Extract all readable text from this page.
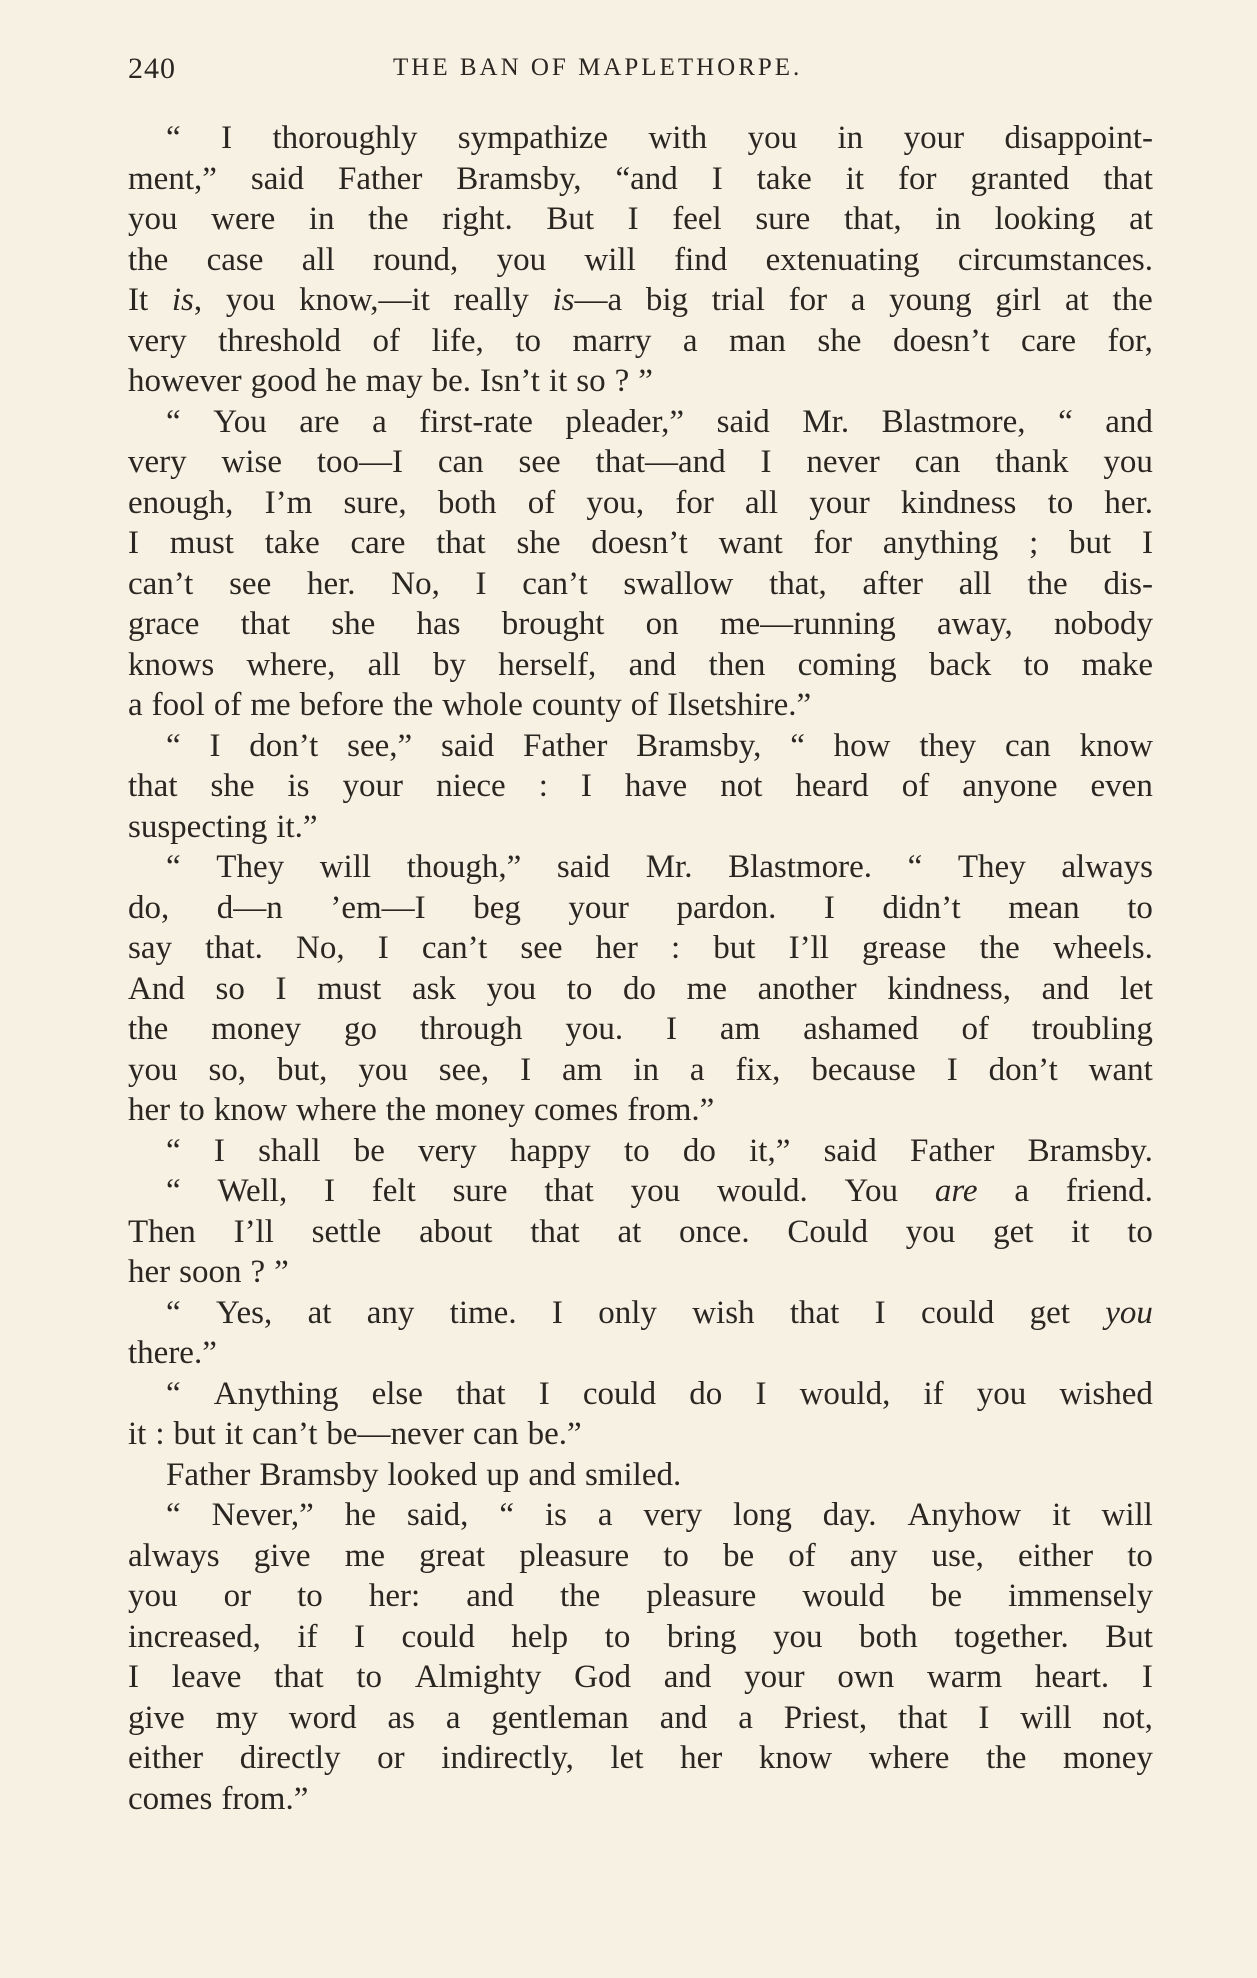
240	THE BAN OF MAPLETHORPE.
“ I thoroughly sympathize with you in your disappoint-
ment,” said Father Bramsby, “and I take it for granted that
you were in the right. But I feel sure that, in looking at
the case all round, you will find extenuating circumstances.
It is, you know,—it really is—a big trial for a young girl at the
very threshold of life, to marry a man she doesn’t care for,
however good he may be. Isn’t it so ? ”
“ You are a first-rate pleader,” said Mr. Blastmore, “ and
very wise too—I can see that—and I never can thank you
enough, I’m sure, both of you, for all your kindness to her.
I must take care that she doesn’t want for anything ; but I
can’t see her. No, I can’t swallow that, after all the dis-
grace that she has brought on me—running away, nobody
knows where, all by herself, and then coming back to make
a fool of me before the whole county of Ilsetshire.”
“ I don’t see,” said Father Bramsby, “ how they can know
that she is your niece : I have not heard of anyone even
suspecting it.”
“ They will though,” said Mr. Blastmore. “ They always
do, d—n ’em—I beg your pardon. I didn’t mean to
say that. No, I can’t see her : but I’ll grease the wheels.
And so I must ask you to do me another kindness, and let
the money go through you. I am ashamed of troubling
you so, but, you see, I am in a fix, because I don’t want
her to know where the money comes from.”
“ I shall be very happy to do it,” said Father Bramsby.
“ Well, I felt sure that you would. You are a friend.
Then I’ll settle about that at once. Could you get it to
her soon ? ”
“ Yes, at any time. I only wish that I could get you
there.”
“ Anything else that I could do I would, if you wished
it : but it can’t be—never can be.”
Father Bramsby looked up and smiled.
“ Never,” he said, “ is a very long day. Anyhow it will
always give me great pleasure to be of any use, either to
you or to her: and the pleasure would be immensely
increased, if I could help to bring you both together. But
I leave that to Almighty God and your own warm heart. I
give my word as a gentleman and a Priest, that I will not,
either directly or indirectly, let her know where the money
comes from.”
